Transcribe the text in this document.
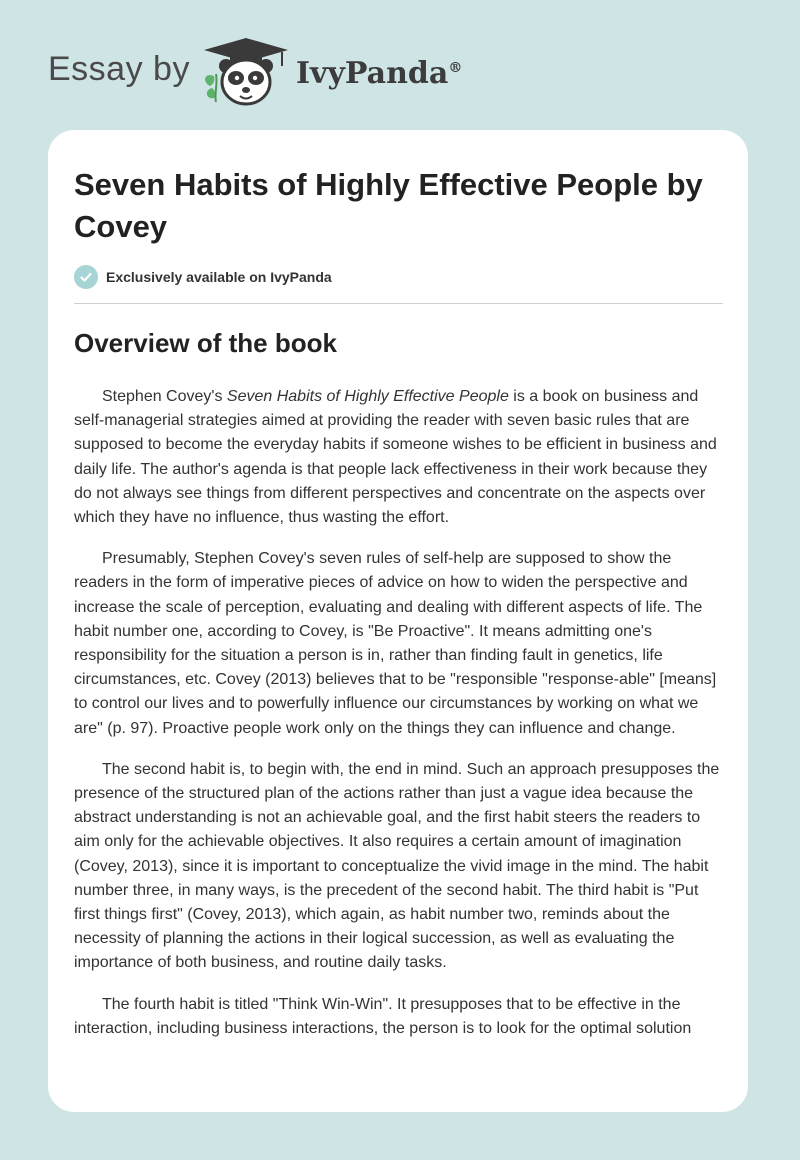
Essay by	IvyPanda®
Seven Habits of Highly Effective People by Covey
Exclusively available on IvyPanda
Overview of the book

Stephen Covey's Seven Habits of Highly Effective People is a book on business and self-managerial strategies aimed at providing the reader with seven basic rules that are supposed to become the everyday habits if someone wishes to be efficient in business and daily life. The author's agenda is that people lack effectiveness in their work because they do not always see things from different perspectives and concentrate on the aspects over which they have no influence, thus wasting the effort.

Presumably, Stephen Covey's seven rules of self-help are supposed to show the readers in the form of imperative pieces of advice on how to widen the perspective and increase the scale of perception, evaluating and dealing with different aspects of life. The habit number one, according to Covey, is "Be Proactive". It means admitting one's responsibility for the situation a person is in, rather than finding fault in genetics, life circumstances, etc. Covey (2013) believes that to be "responsible "response-able" [means] to control our lives and to powerfully influence our circumstances by working on what we are" (p. 97). Proactive people work only on the things they can influence and change.

The second habit is, to begin with, the end in mind. Such an approach presupposes the presence of the structured plan of the actions rather than just a vague idea because the abstract understanding is not an achievable goal, and the first habit steers the readers to aim only for the achievable objectives. It also requires a certain amount of imagination (Covey, 2013), since it is important to conceptualize the vivid image in the mind. The habit number three, in many ways, is the precedent of the second habit. The third habit is "Put first things first" (Covey, 2013), which again, as habit number two, reminds about the necessity of planning the actions in their logical succession, as well as evaluating the importance of both business, and routine daily tasks.

The fourth habit is titled "Think Win-Win". It presupposes that to be effective in the interaction, including business interactions, the person is to look for the optimal solution
